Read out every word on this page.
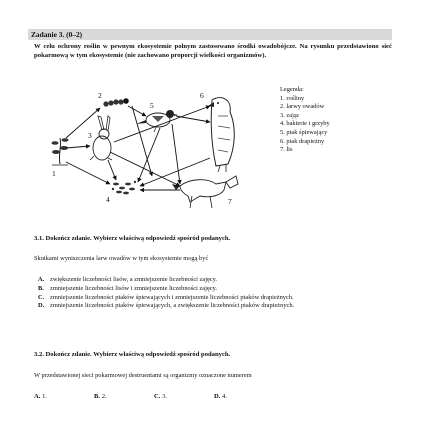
Zadanie 3. (0–2)
W celu ochrony roślin w pewnym ekosystemie polnym zastosowano środki owadobójcze. Na rysunku przedstawiono sieć pokarmową w tym ekosystemie (nie zachowano proporcji wielkości organizmów).
1
2
3
4
5
6
7
Legenda:
1. rośliny
2. larwy owadów
3. zając
4. bakterie i grzyby
5. ptak śpiewający
6. ptak drapieżny
7. lis
3.1. Dokończ zdanie. Wybierz właściwą odpowiedź spośród podanych.
Skutkami wyniszczenia larw owadów w tym ekosystemie mogą być
A. zwiększenie liczebności lisów, a zmniejszenie liczebności zajęcy.
B. zmniejszenie liczebności lisów i zmniejszenie liczebności zajęcy.
C. zmniejszenie liczebności ptaków śpiewających i zmniejszenie liczebności ptaków drapieżnych.
D. zmniejszenie liczebności ptaków śpiewających, a zwiększenie liczebności ptaków drapieżnych.
3.2. Dokończ zdanie. Wybierz właściwą odpowiedź spośród podanych.
W przedstawionej sieci pokarmowej destruentami są organizmy oznaczone numerem
A. 1.	B. 2.	C. 3.	D. 4.
